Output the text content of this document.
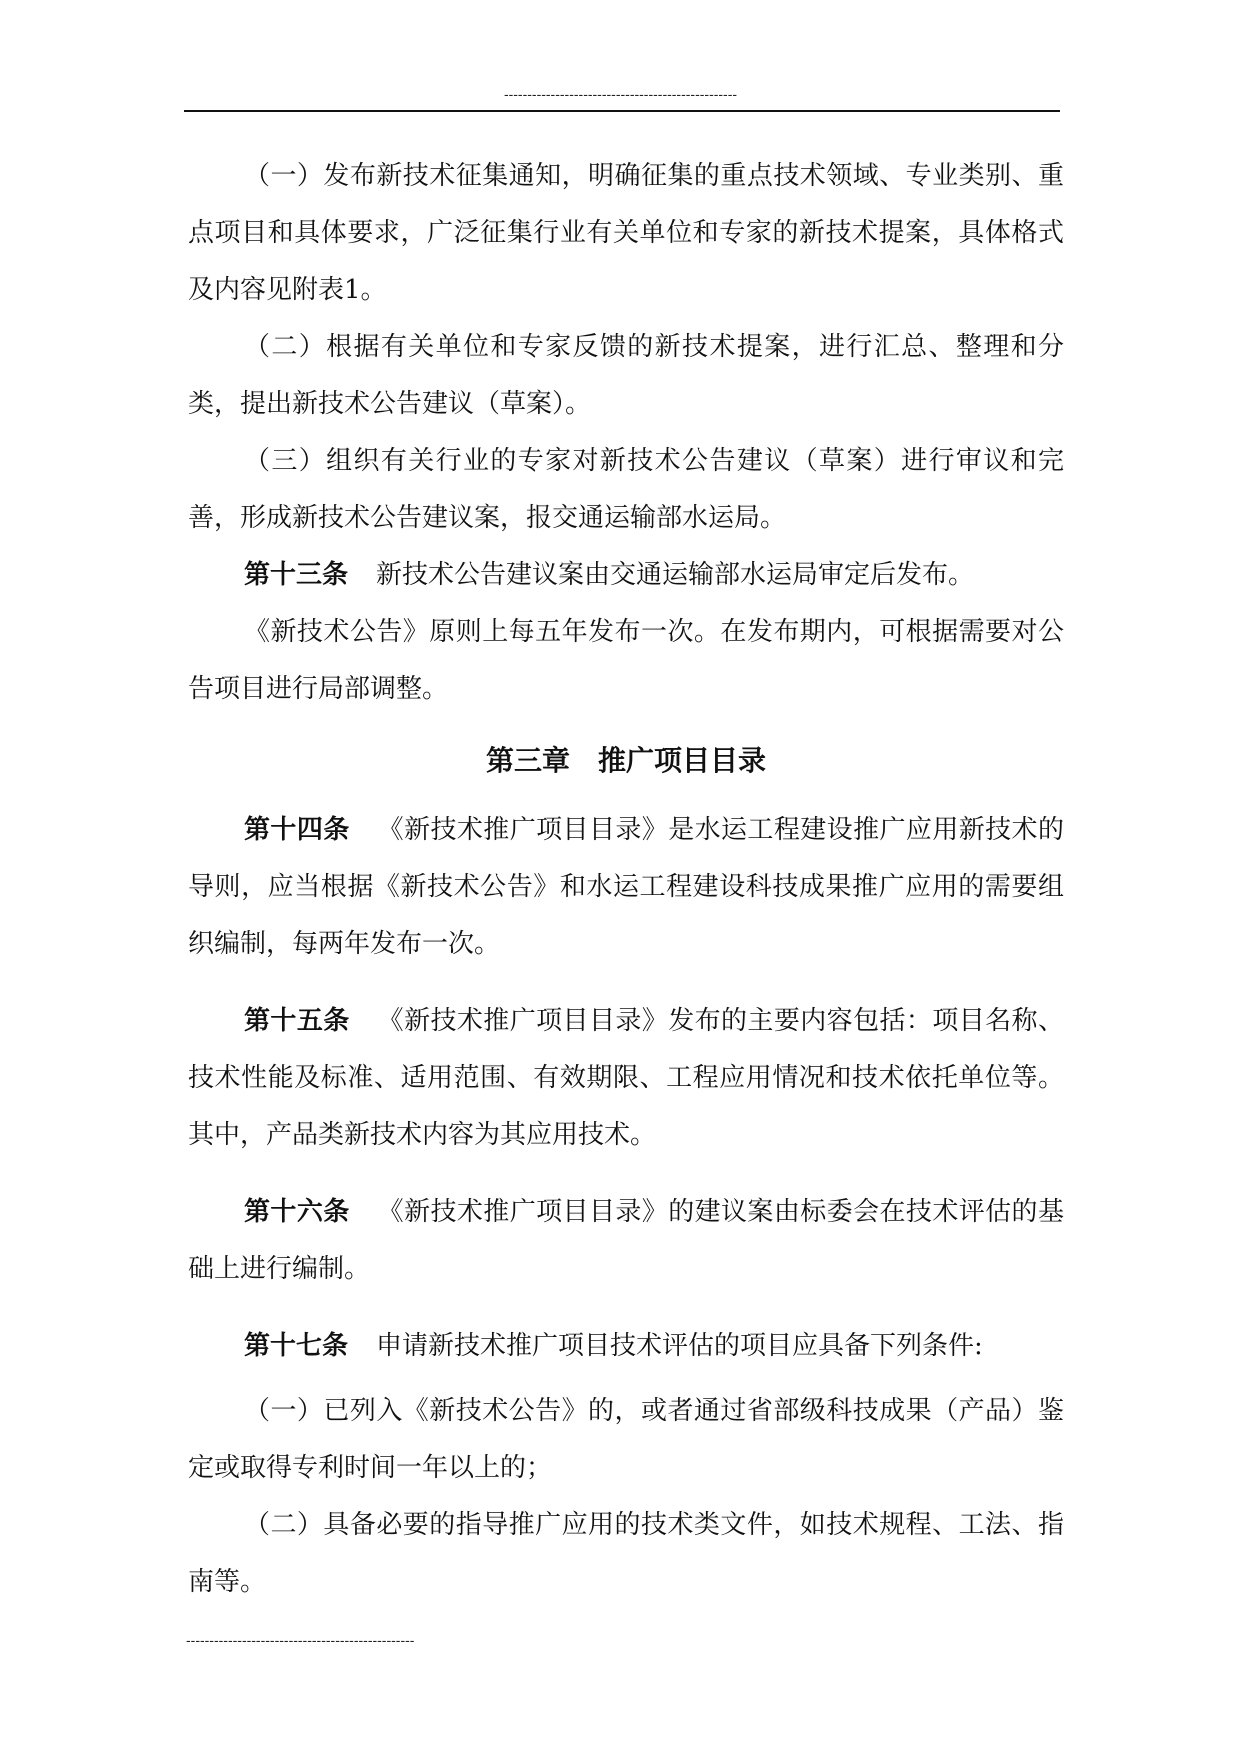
--------------------------------------------------

（一）发布新技术征集通知，明确征集的重点技术领域、专业类别、重点项目和具体要求，广泛征集行业有关单位和专家的新技术提案，具体格式及内容见附表1。

（二）根据有关单位和专家反馈的新技术提案，进行汇总、整理和分类，提出新技术公告建议（草案）。

（三）组织有关行业的专家对新技术公告建议（草案）进行审议和完善，形成新技术公告建议案，报交通运输部水运局。

第十三条 新技术公告建议案由交通运输部水运局审定后发布。

《新技术公告》原则上每五年发布一次。在发布期内，可根据需要对公告项目进行局部调整。

第三章　推广项目目录

第十四条 《新技术推广项目目录》是水运工程建设推广应用新技术的导则，应当根据《新技术公告》和水运工程建设科技成果推广应用的需要组织编制，每两年发布一次。

第十五条 《新技术推广项目目录》发布的主要内容包括：项目名称、技术性能及标准、适用范围、有效期限、工程应用情况和技术依托单位等。其中，产品类新技术内容为其应用技术。

第十六条 《新技术推广项目目录》的建议案由标委会在技术评估的基础上进行编制。

第十七条 申请新技术推广项目技术评估的项目应具备下列条件:

（一）已列入《新技术公告》的，或者通过省部级科技成果（产品）鉴定或取得专利时间一年以上的；

（二）具备必要的指导推广应用的技术类文件，如技术规程、工法、指南等。

-------------------------------------------------
